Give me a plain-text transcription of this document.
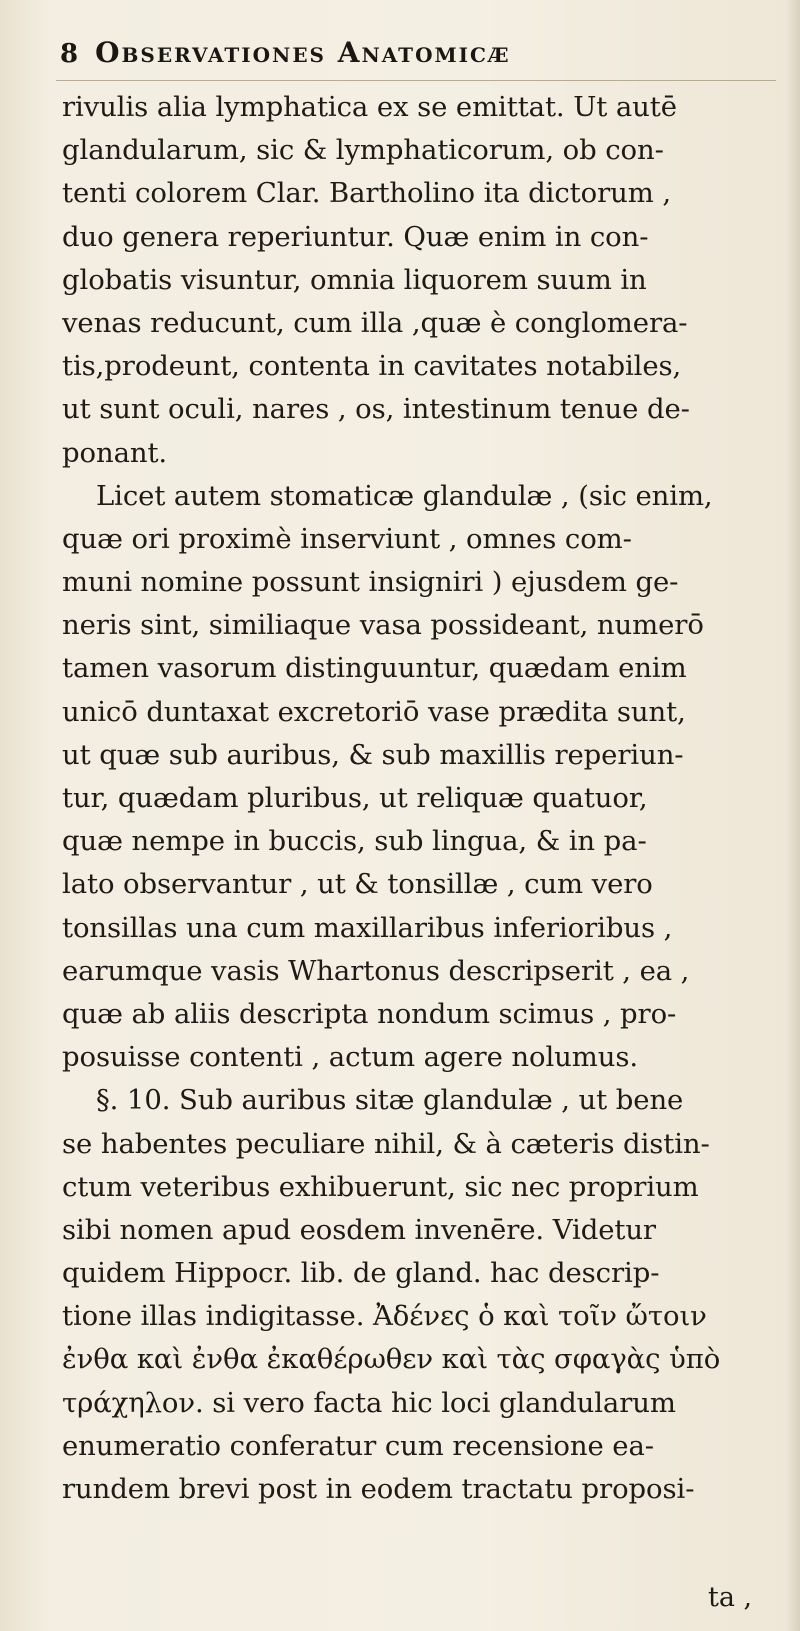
8 Observationes Anatomicæ
rivulis alia lymphatica ex se emittat. Ut autē
glandularum, sic & lymphaticorum, ob con-
tenti colorem Clar. Bartholino ita dictorum ,
duo genera reperiuntur. Quæ enim in con-
globatis visuntur, omnia liquorem suum in
venas reducunt, cum illa ,quæ è conglomera-
tis,prodeunt, contenta in cavitates notabiles,
ut sunt oculi, nares , os, intestinum tenue de-
ponant.
Licet autem stomaticæ glandulæ , (sic enim,
quæ ori proximè inserviunt , omnes com-
muni nomine possunt insigniri ) ejusdem ge-
neris sint, similiaque vasa possideant, numerō
tamen vasorum distinguuntur, quædam enim
unicō duntaxat excretoriō vase prædita sunt,
ut quæ sub auribus, & sub maxillis reperiun-
tur, quædam pluribus, ut reliquæ quatuor,
quæ nempe in buccis, sub lingua, & in pa-
lato observantur , ut & tonsillæ , cum vero
tonsillas una cum maxillaribus inferioribus ,
earumque vasis Whartonus descripserit , ea ,
quæ ab aliis descripta nondum scimus , pro-
posuisse contenti , actum agere nolumus.
§. 10. Sub auribus sitæ glandulæ , ut bene
se habentes peculiare nihil, & à cæteris distin-
ctum veteribus exhibuerunt, sic nec proprium
sibi nomen apud eosdem invenēre. Videtur
quidem Hippocr. lib. de gland. hac descrip-
tione illas indigitasse. Ἀδένες ὁ καὶ τοῖν ὤτοιν
ἐνθα καὶ ἐνθα ἐκαθέρωθεν καὶ τὰς σφαγὰς ὑπὸ
τράχηλον. si vero facta hic loci glandularum
enumeratio conferatur cum recensione ea-
rundem brevi post in eodem tractatu proposi-
ta ,
